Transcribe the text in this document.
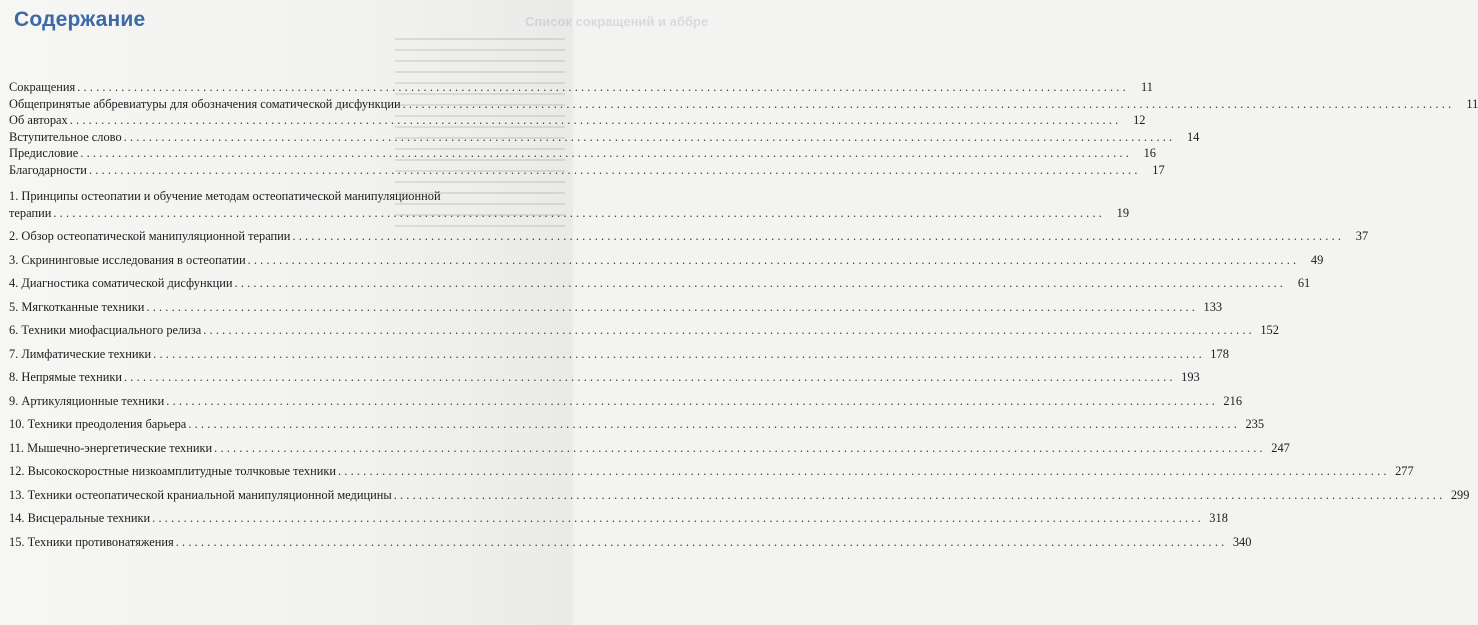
Список сокращений и аббре
Содержание
Сокращения ....................................................................................................................................................................... 11
Общепринятые аббревиатуры для обозначения соматической дисфункции ....................................................................................................................................................................... 11
Об авторах ....................................................................................................................................................................... 12
Вступительное слово ....................................................................................................................................................................... 14
Предисловие ....................................................................................................................................................................... 16
Благодарности ....................................................................................................................................................................... 17
1. Принципы остеопатии и обучение методам остеопатической манипуляционной
терапии ....................................................................................................................................................................... 19
2. Обзор остеопатической манипуляционной терапии ....................................................................................................................................................................... 37
3. Скрининговые исследования в остеопатии ....................................................................................................................................................................... 49
4. Диагностика соматической дисфункции ....................................................................................................................................................................... 61
5. Мягкотканные техники ....................................................................................................................................................................... 133
6. Техники миофасциального релиза ....................................................................................................................................................................... 152
7. Лимфатические техники ....................................................................................................................................................................... 178
8. Непрямые техники ....................................................................................................................................................................... 193
9. Артикуляционные техники ....................................................................................................................................................................... 216
10. Техники преодоления барьера ....................................................................................................................................................................... 235
11. Мышечно-энергетические техники ....................................................................................................................................................................... 247
12. Высокоскоростные низкоамплитудные толчковые техники ....................................................................................................................................................................... 277
13. Техники остеопатической краниальной манипуляционной медицины ....................................................................................................................................................................... 299
14. Висцеральные техники ....................................................................................................................................................................... 318
15. Техники противонатяжения ....................................................................................................................................................................... 340
